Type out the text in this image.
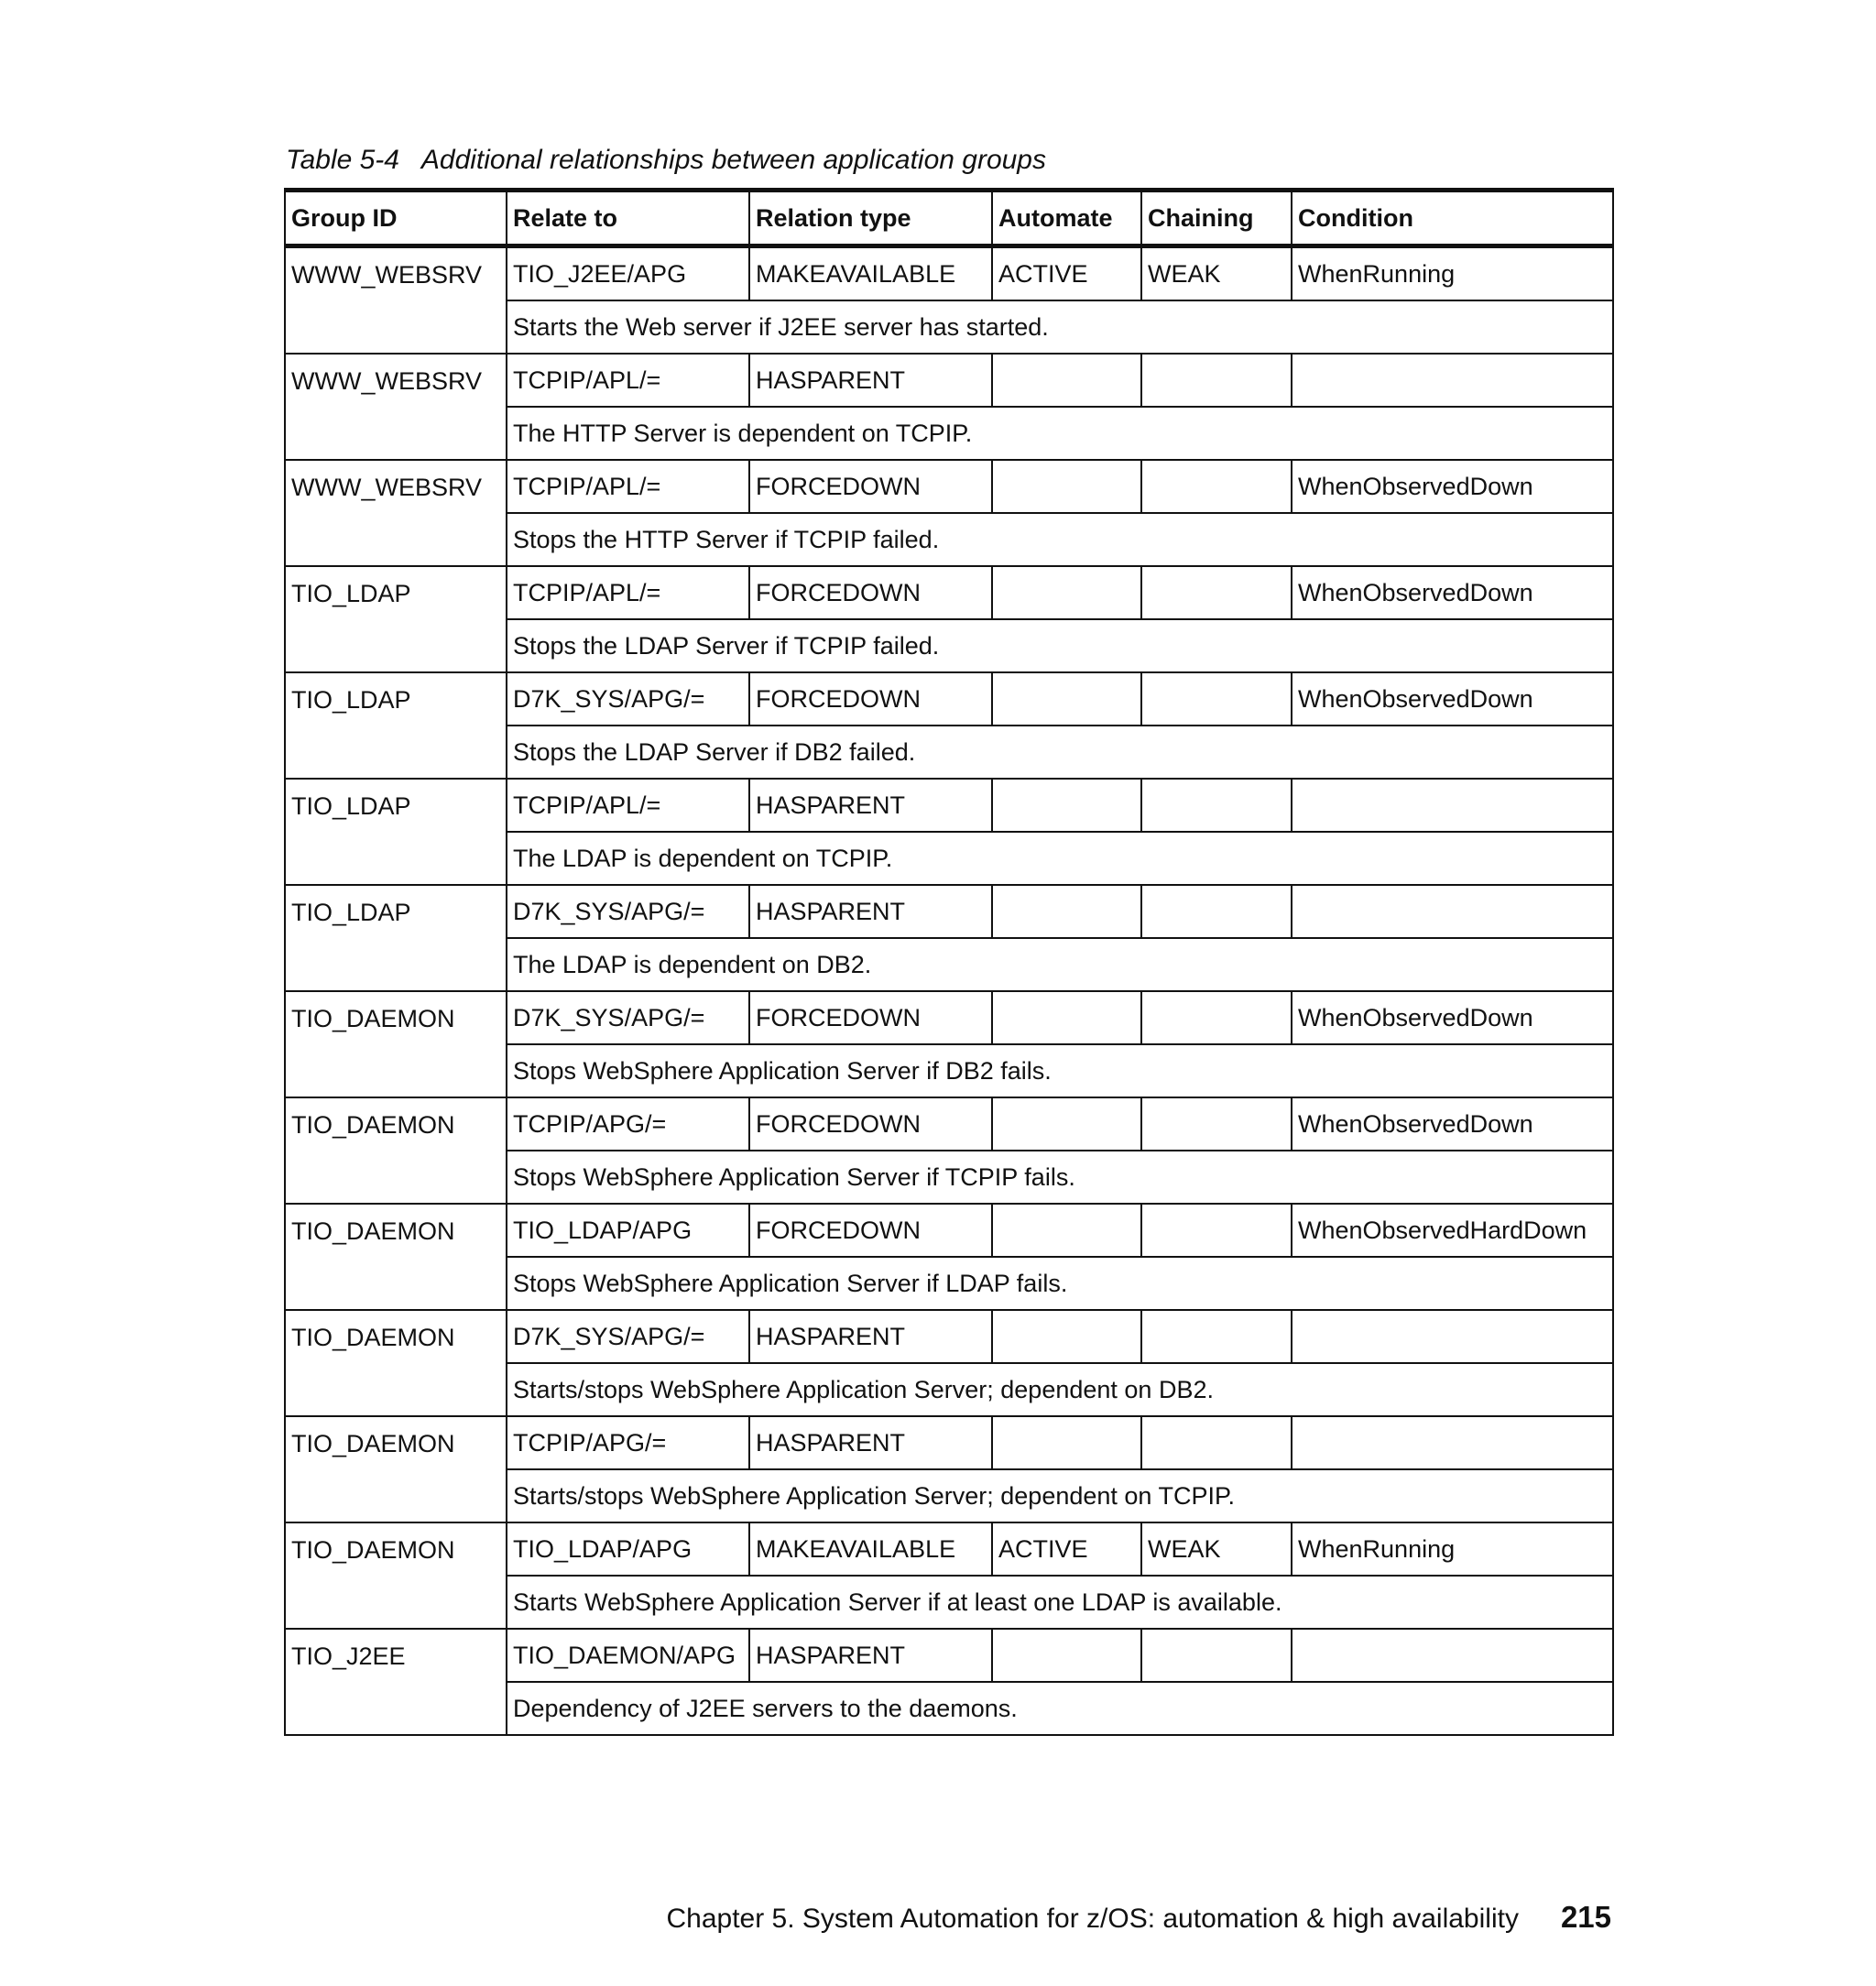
Table 5-4   Additional relationships between application groups
Group ID	Relate to	Relation type	Automate	Chaining	Condition
WWW_WEBSRV	TIO_J2EE/APG	MAKEAVAILABLE	ACTIVE	WEAK	WhenRunning
	Starts the Web server if J2EE server has started.				
WWW_WEBSRV	TCPIP/APL/=	HASPARENT			
	The HTTP Server is dependent on TCPIP.				
WWW_WEBSRV	TCPIP/APL/=	FORCEDOWN			WhenObservedDown
	Stops the HTTP Server if TCPIP failed.				
TIO_LDAP	TCPIP/APL/=	FORCEDOWN			WhenObservedDown
	Stops the LDAP Server if TCPIP failed.				
TIO_LDAP	D7K_SYS/APG/=	FORCEDOWN			WhenObservedDown
	Stops the LDAP Server if DB2 failed.				
TIO_LDAP	TCPIP/APL/=	HASPARENT			
	The LDAP is dependent on TCPIP.				
TIO_LDAP	D7K_SYS/APG/=	HASPARENT			
	The LDAP is dependent on DB2.				
TIO_DAEMON	D7K_SYS/APG/=	FORCEDOWN			WhenObservedDown
	Stops WebSphere Application Server if DB2 fails.				
TIO_DAEMON	TCPIP/APG/=	FORCEDOWN			WhenObservedDown
	Stops WebSphere Application Server if TCPIP fails.				
TIO_DAEMON	TIO_LDAP/APG	FORCEDOWN			WhenObservedHardDown
	Stops WebSphere Application Server if LDAP fails.				
TIO_DAEMON	D7K_SYS/APG/=	HASPARENT			
	Starts/stops WebSphere Application Server; dependent on DB2.				
TIO_DAEMON	TCPIP/APG/=	HASPARENT			
	Starts/stops WebSphere Application Server; dependent on TCPIP.				
TIO_DAEMON	TIO_LDAP/APG	MAKEAVAILABLE	ACTIVE	WEAK	WhenRunning
	Starts WebSphere Application Server if at least one LDAP is available.				
TIO_J2EE	TIO_DAEMON/APG	HASPARENT			
	Dependency of J2EE servers to the daemons.				
Chapter 5. System Automation for z/OS: automation & high availability 215
